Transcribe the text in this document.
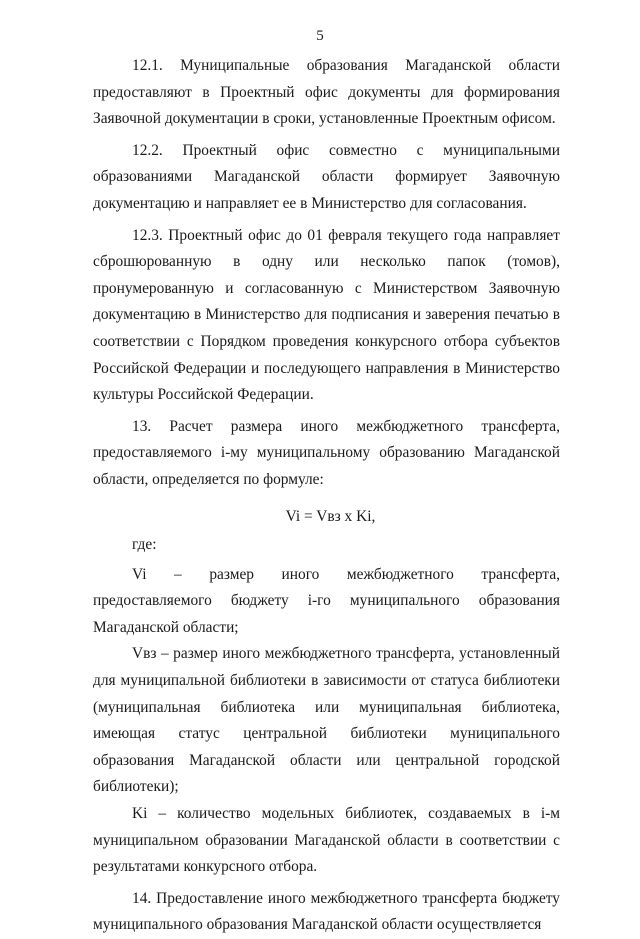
5

12.1. Муниципальные образования Магаданской области предоставляют в Проектный офис документы для формирования Заявочной документации в сроки, установленные Проектным офисом.

12.2. Проектный офис совместно с муниципальными образованиями Магаданской области формирует Заявочную документацию и направляет ее в Министерство для согласования.

12.3. Проектный офис до 01 февраля текущего года направляет сброшюрованную в одну или несколько папок (томов), пронумерованную и согласованную с Министерством Заявочную документацию в Министерство для подписания и заверения печатью в соответствии с Порядком проведения конкурсного отбора субъектов Российской Федерации и последующего направления в Министерство культуры Российской Федерации.

13. Расчет размера иного межбюджетного трансферта, предоставляемого i-му муниципальному образованию Магаданской области, определяется по формуле:

Vi = Vвз х Ki,

где:

Vi – размер иного межбюджетного трансферта, предоставляемого бюджету i-го муниципального образования Магаданской области;

Vвз – размер иного межбюджетного трансферта, установленный для муниципальной библиотеки в зависимости от статуса библиотеки (муниципальная библиотека или муниципальная библиотека, имеющая статус центральной библиотеки муниципального образования Магаданской области или центральной городской библиотеки);

Ki – количество модельных библиотек, создаваемых в i-м муниципальном образовании Магаданской области в соответствии с результатами конкурсного отбора.

14. Предоставление иного межбюджетного трансферта бюджету муниципального образования Магаданской области осуществляется
